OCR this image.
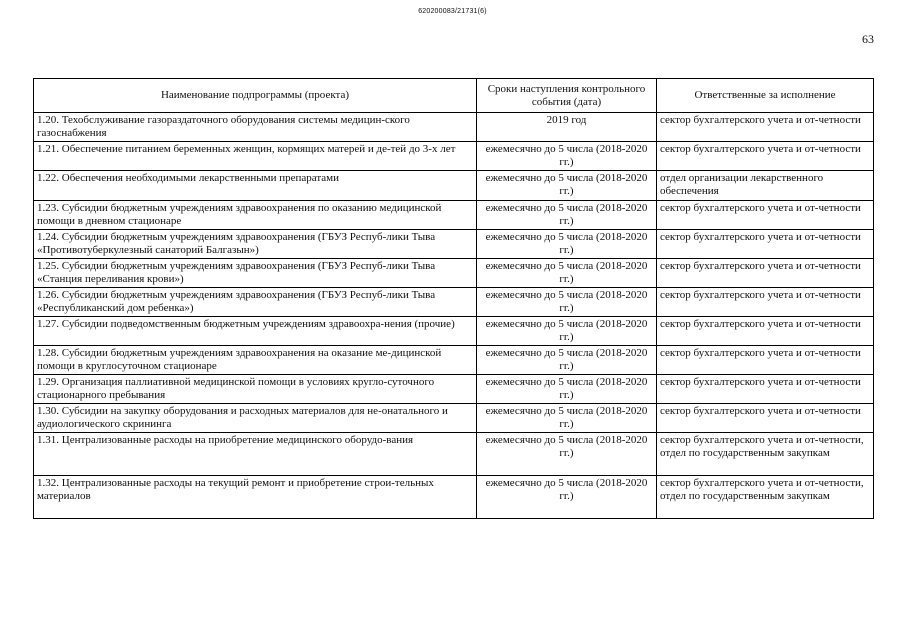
620200083/21731(6)
63
Наименование подпрограммы (проекта)	Сроки наступления контрольного события (дата)	Ответственные за исполнение
1.20. Техобслуживание газораздаточного оборудования системы медицин-ского газоснабжения	2019 год	сектор бухгалтерского учета и от-четности
1.21. Обеспечение питанием беременных женщин, кормящих матерей и де-тей до 3-х лет	ежемесячно до 5 числа (2018-2020 гг.)	сектор бухгалтерского учета и от-четности
1.22. Обеспечения необходимыми лекарственными препаратами	ежемесячно до 5 числа (2018-2020 гг.)	отдел организации лекарственного обеспечения
1.23. Субсидии бюджетным учреждениям здравоохранения по оказанию медицинской помощи в дневном стационаре	ежемесячно до 5 числа (2018-2020 гг.)	сектор бухгалтерского учета и от-четности
1.24. Субсидии бюджетным учреждениям здравоохранения (ГБУЗ Респуб-лики Тыва «Противотуберкулезный санаторий Балгазын»)	ежемесячно до 5 числа (2018-2020 гг.)	сектор бухгалтерского учета и от-четности
1.25. Субсидии бюджетным учреждениям здравоохранения (ГБУЗ Респуб-лики Тыва «Станция переливания крови»)	ежемесячно до 5 числа (2018-2020 гг.)	сектор бухгалтерского учета и от-четности
1.26. Субсидии бюджетным учреждениям здравоохранения (ГБУЗ Респуб-лики Тыва «Республиканский дом ребенка»)	ежемесячно до 5 числа (2018-2020 гг.)	сектор бухгалтерского учета и от-четности
1.27. Субсидии подведомственным бюджетным учреждениям здравоохра-нения (прочие)	ежемесячно до 5 числа (2018-2020 гг.)	сектор бухгалтерского учета и от-четности
1.28. Субсидии бюджетным учреждениям здравоохранения на оказание ме-дицинской помощи в круглосуточном стационаре	ежемесячно до 5 числа (2018-2020 гг.)	сектор бухгалтерского учета и от-четности
1.29. Организация паллиативной медицинской помощи в условиях кругло-суточного стационарного пребывания	ежемесячно до 5 числа (2018-2020 гг.)	сектор бухгалтерского учета и от-четности
1.30. Субсидии на закупку оборудования и расходных материалов для не-онатального и аудиологического скрининга	ежемесячно до 5 числа (2018-2020 гг.)	сектор бухгалтерского учета и от-четности
1.31. Централизованные расходы на приобретение медицинского оборудо-вания	ежемесячно до 5 числа (2018-2020 гг.)	сектор бухгалтерского учета и от-четности, отдел по государственным закупкам
1.32. Централизованные расходы на текущий ремонт и приобретение строи-тельных материалов	ежемесячно до 5 числа (2018-2020 гг.)	сектор бухгалтерского учета и от-четности, отдел по государственным закупкам
